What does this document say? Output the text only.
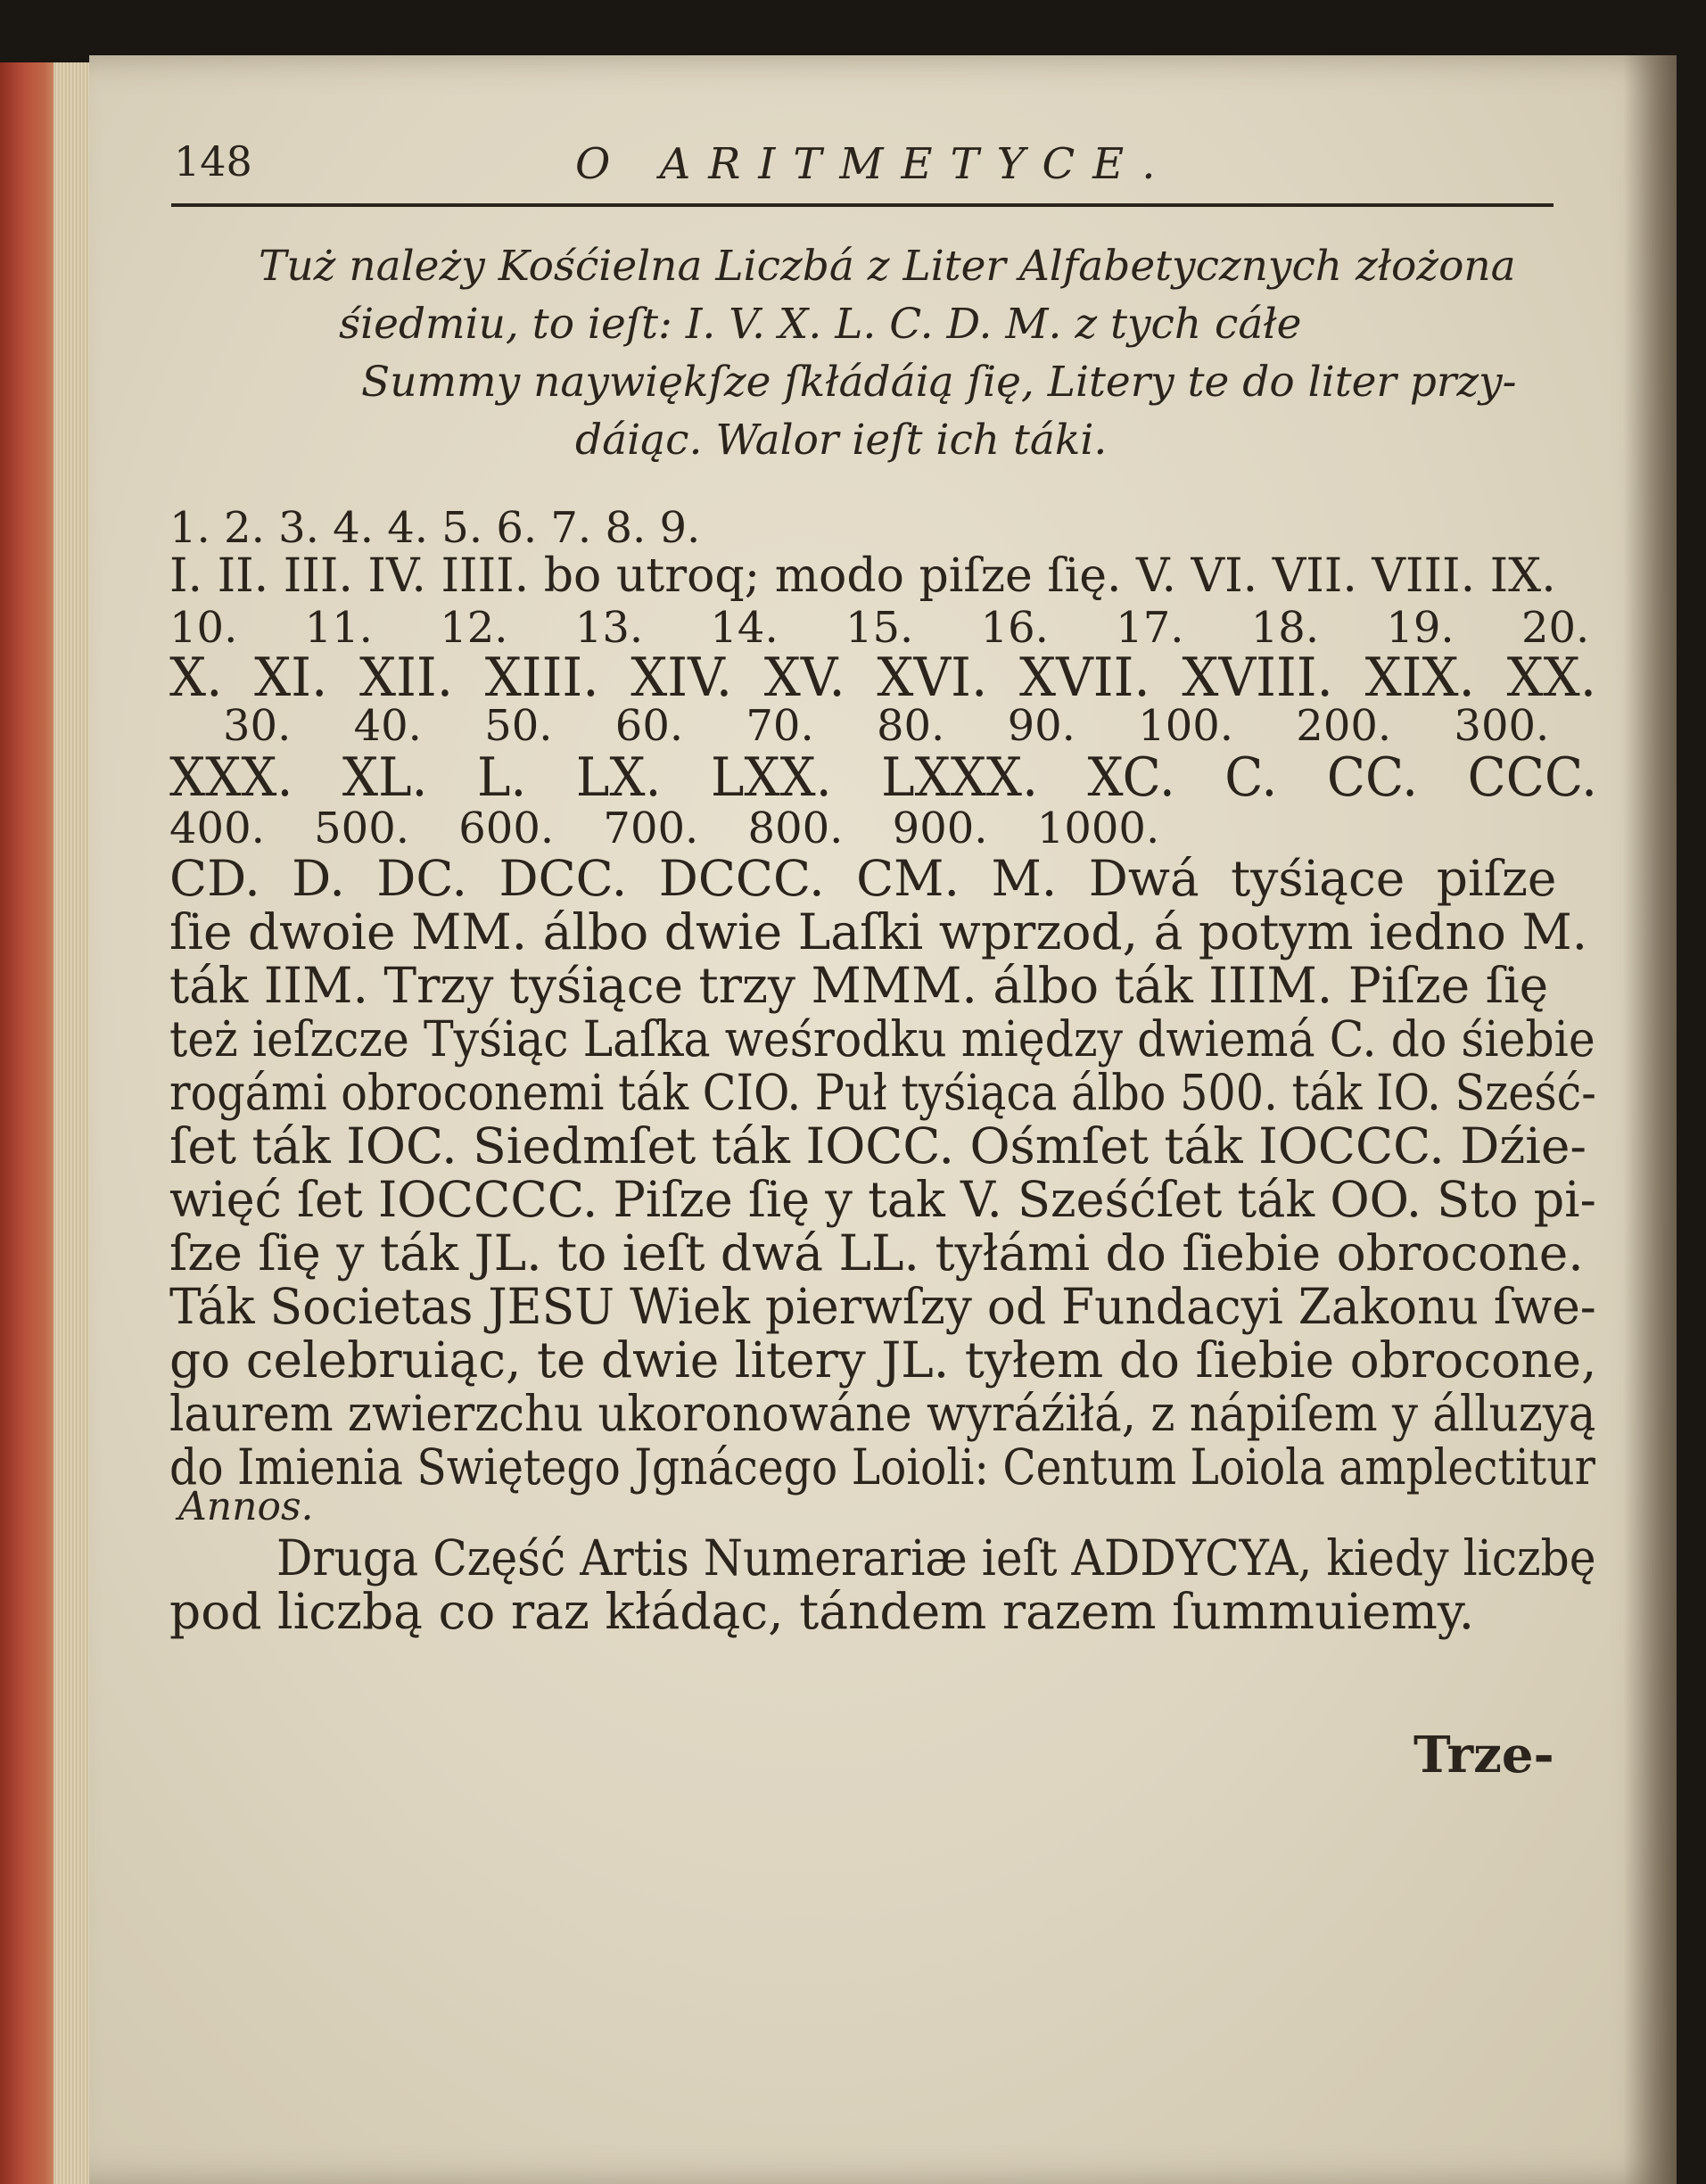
148	O ARITMETYCE.
Tuż należy Kośćielna Liczbá z Liter Alfabetycznych złożona
śiedmiu, to ieſt: I. V. X. L. C. D. M. z tych cáłe
Summy naywiękſze ſkłádáią ſię, Litery te do liter przy-
dáiąc. Walor ieſt ich táki.
1. 2. 3. 4. 4. 5. 6. 7. 8. 9.
I. II. III. IV. IIII. bo utroq; modo piſze ſię. V. VI. VII. VIII. IX.
10. 11. 12. 13. 14. 15. 16. 17. 18. 19. 20.
X. XI. XII. XIII. XIV. XV. XVI. XVII. XVIII. XIX. XX.
30. 40. 50. 60. 70. 80. 90. 100. 200. 300.
XXX. XL. L. LX. LXX. LXXX. XC. C. CC. CCC.
400. 500. 600. 700. 800. 900. 1000.
CD. D. DC. DCC. DCCC. CM. M. Dwá tyśiące piſze
ſie dwoie MM. álbo dwie Laſki wprzod, á potym iedno M.
ták IIM. Trzy tyśiące trzy MMM. álbo ták IIIM. Piſze ſię
też ieſzcze Tyśiąc Laſka weśrodku między dwiemá C. do śiebie
rogámi obroconemi ták CIO. Puł tyśiąca álbo 500. ták IO. Sześć-
ſet ták IOC. Siedmſet ták IOCC. Ośmſet ták IOCCC. Dźie-
więć ſet IOCCCC. Piſze ſię y tak V. Sześćſet ták OO. Sto pi-
ſze ſię y ták JL. to ieſt dwá LL. tyłámi do ſiebie obrocone.
Ták Societas JESU Wiek pierwſzy od Fundacyi Zakonu ſwe-
go celebruiąc, te dwie litery JL. tyłem do ſiebie obrocone,
laurem zwierzchu ukoronowáne wyráźiłá, z nápiſem y álluzyą
do Imienia Swiętego Jgnácego Loioli: Centum Loiola amplectitur
Annos.
Druga Część Artis Numerariæ ieſt ADDYCYA, kiedy liczbę
pod liczbą co raz kłádąc, tándem razem ſummuiemy.
Trze-
